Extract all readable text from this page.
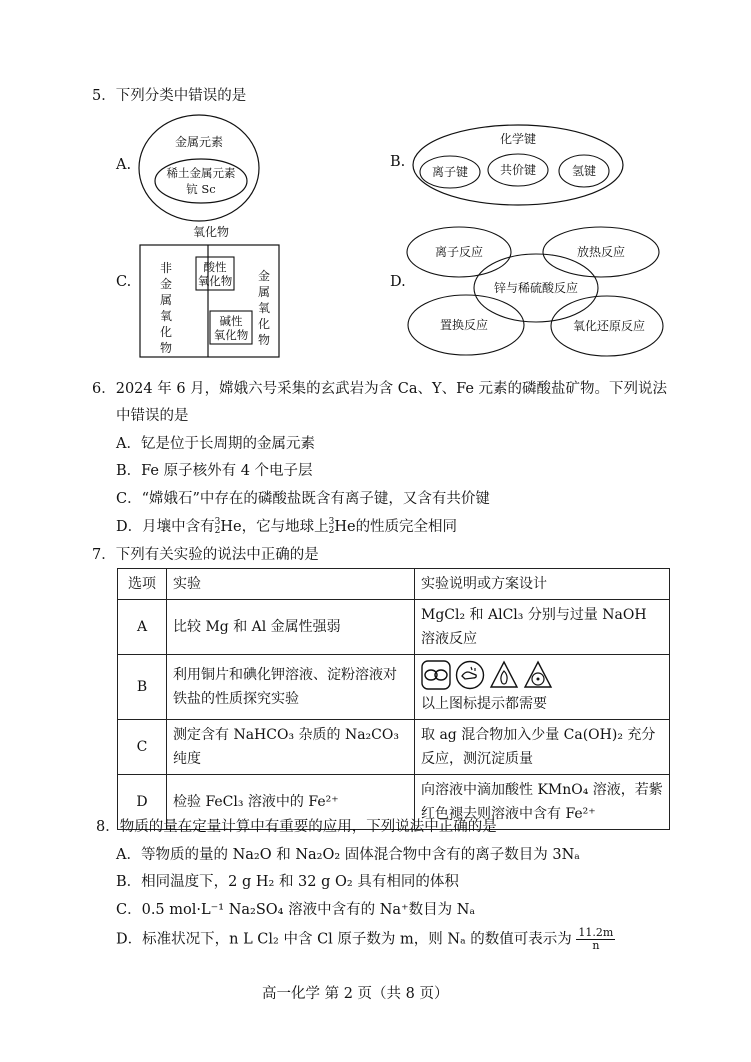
5．下列分类中错误的是
A.
金属元素
稀土金属元素
钪 Sc
B.
化学键
离子键	共价键	氢键
C.
氧化物
非
金
属
氧
化
物
酸性
氧化物
碱性
氧化物
金
属
氧
化
物
D.
离子反应	放热反应
锌与稀硫酸反应
置换反应	氧化还原反应
6．2024 年 6 月，嫦娥六号采集的玄武岩为含 Ca、Y、Fe 元素的磷酸盐矿物。下列说法
中错误的是
A．钇是位于长周期的金属元素
B．Fe 原子核外有 4 个电子层
C．“嫦娥石”中存在的磷酸盐既含有离子键，又含有共价键
D．月壤中含有 3
2 He，它与地球上 3
2 He的性质完全相同
7．下列有关实验的说法中正确的是
选项	实验	实验说明或方案设计
A	比较 Mg 和 Al 金属性强弱	MgCl₂ 和 AlCl₃ 分别与过量 NaOH 溶液反应
B	利用铜片和碘化钾溶液、淀粉溶液对铁盐的性质探究实验	以上图标提示都需要

C	测定含有 NaHCO₃ 杂质的 Na₂CO₃ 纯度	取 ag 混合物加入少量 Ca(OH)₂ 充分反应，测沉淀质量
D	检验 FeCl₃ 溶液中的 Fe²⁺	向溶液中滴加酸性 KMnO₄ 溶液，若紫红色褪去则溶液中含有 Fe²⁺
8．物质的量在定量计算中有重要的应用，下列说法中正确的是
A．等物质的量的 Na₂O 和 Na₂O₂ 固体混合物中含有的离子数目为 3Nₐ
B．相同温度下，2 g H₂ 和 32 g O₂ 具有相同的体积
C．0.5 mol·L⁻¹ Na₂SO₄ 溶液中含有的 Na⁺数目为 Nₐ
D．标准状况下，n L Cl₂ 中含 Cl 原子数为 m，则 Nₐ 的数值可表示为 $\frac{11.2m}{n}$
高一化学 第 2 页（共 8 页）
